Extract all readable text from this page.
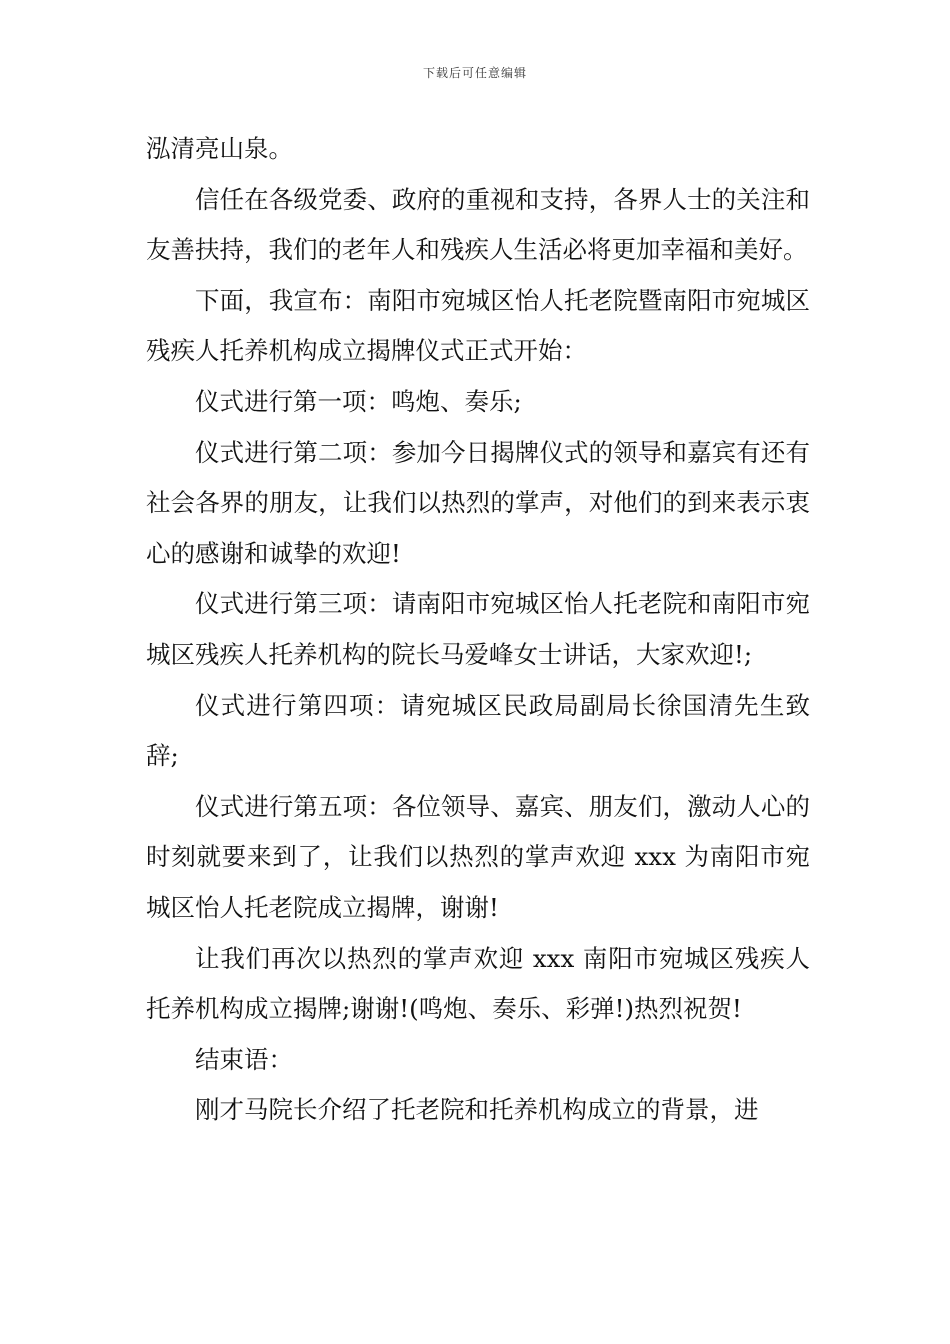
下载后可任意编辑

泓清亮山泉。

信任在各级党委、政府的重视和支持，各界人士的关注和友善扶持，我们的老年人和残疾人生活必将更加幸福和美好。

下面，我宣布：南阳市宛城区怡人托老院暨南阳市宛城区残疾人托养机构成立揭牌仪式正式开始：

仪式进行第一项：鸣炮、奏乐;

仪式进行第二项：参加今日揭牌仪式的领导和嘉宾有还有社会各界的朋友，让我们以热烈的掌声，对他们的到来表示衷心的感谢和诚挚的欢迎!

仪式进行第三项：请南阳市宛城区怡人托老院和南阳市宛城区残疾人托养机构的院长马爱峰女士讲话，大家欢迎!;

仪式进行第四项：请宛城区民政局副局长徐国清先生致辞;

仪式进行第五项：各位领导、嘉宾、朋友们，激动人心的时刻就要来到了，让我们以热烈的掌声欢迎 xxx 为南阳市宛城区怡人托老院成立揭牌，谢谢!

让我们再次以热烈的掌声欢迎 xxx 南阳市宛城区残疾人托养机构成立揭牌;谢谢!(鸣炮、奏乐、彩弹!)热烈祝贺!

结束语：

刚才马院长介绍了托老院和托养机构成立的背景，进
